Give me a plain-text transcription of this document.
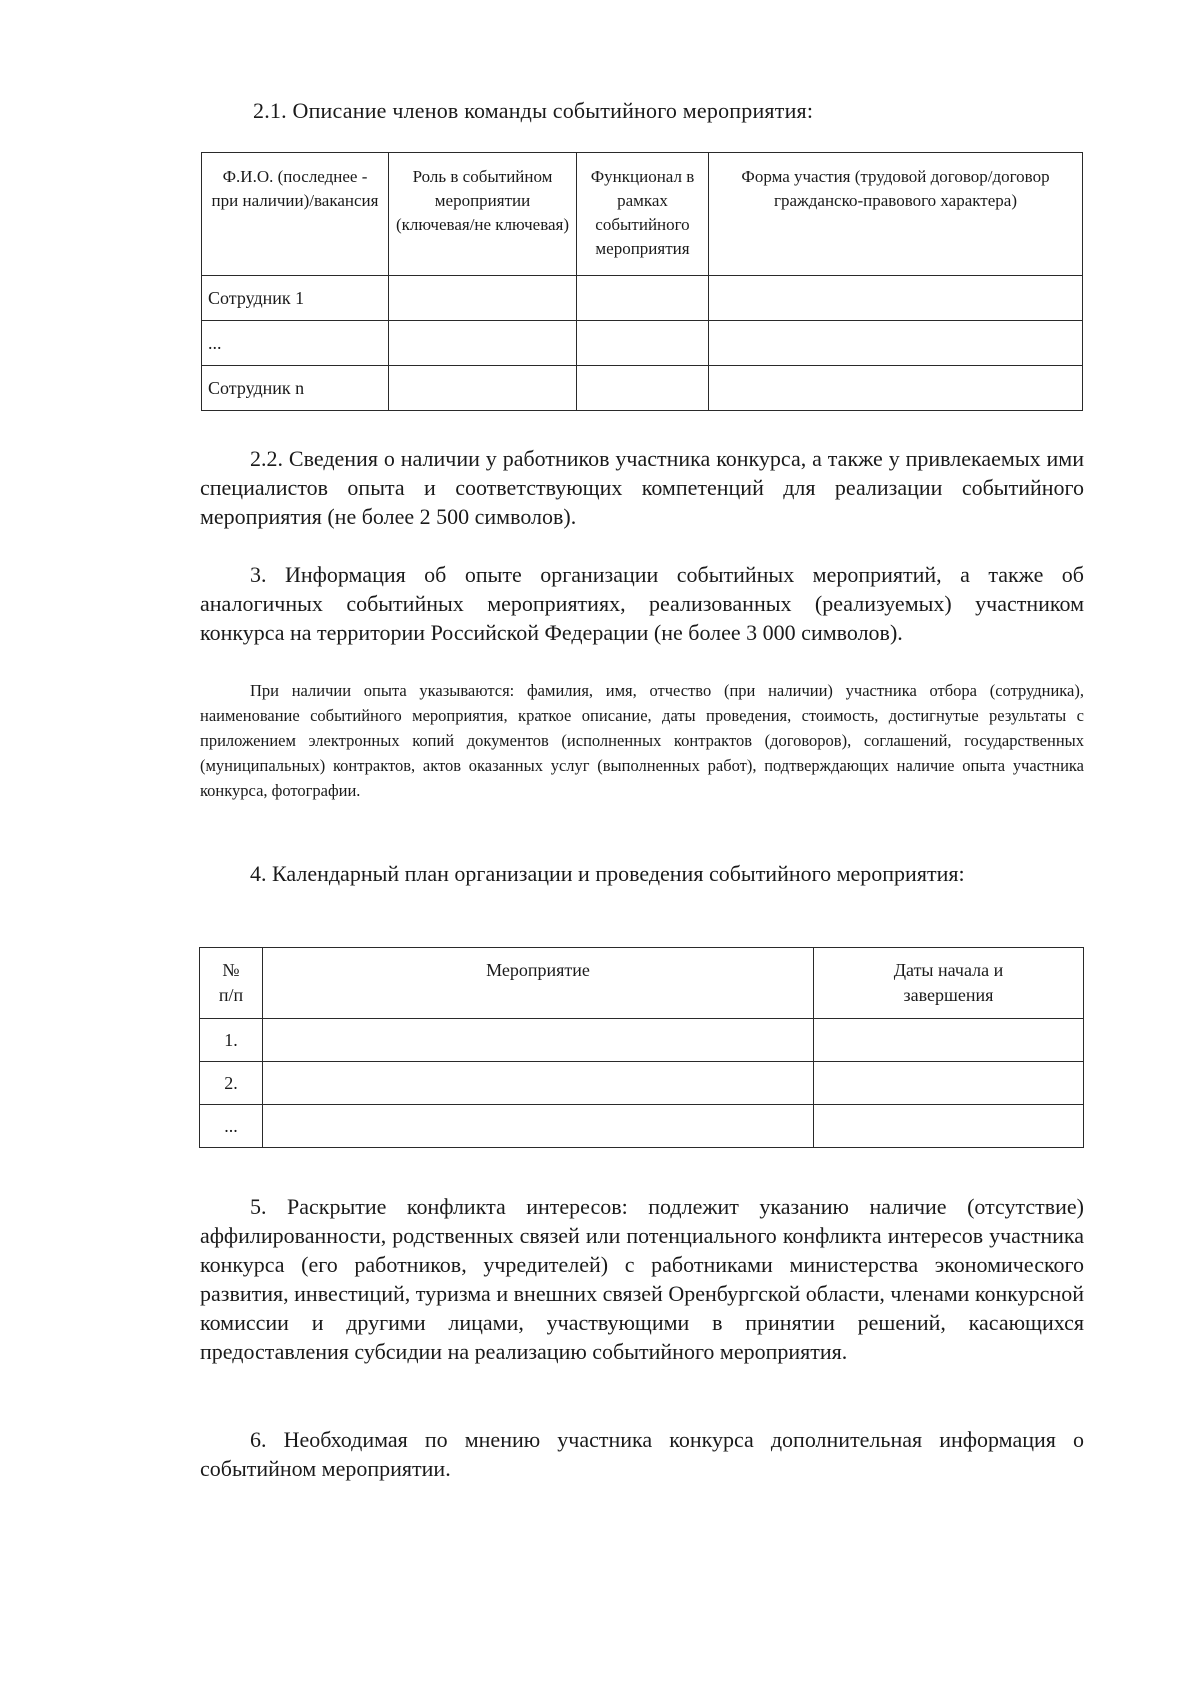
2.1. Описание членов команды событийного мероприятия:

Ф.И.О. (последнее - при наличии)/вакансия	Роль в событийном мероприятии (ключевая/не ключевая)	Функционал в рамках событийного мероприятия	Форма участия (трудовой договор/договор гражданско-правового характера)
Сотрудник 1			
...			
Сотрудник n			

2.2. Сведения о наличии у работников участника конкурса, а также у привлекаемых ими специалистов опыта и соответствующих компетенций для реализации событийного мероприятия (не более 2 500 символов).

3. Информация об опыте организации событийных мероприятий, а также об аналогичных событийных мероприятиях, реализованных (реализуемых) участником конкурса на территории Российской Федерации (не более 3 000 символов).

При наличии опыта указываются: фамилия, имя, отчество (при наличии) участника отбора (сотрудника), наименование событийного мероприятия, краткое описание, даты проведения, стоимость, достигнутые результаты с приложением электронных копий документов (исполненных контрактов (договоров), соглашений, государственных (муниципальных) контрактов, актов оказанных услуг (выполненных работ), подтверждающих наличие опыта участника конкурса, фотографии.

4. Календарный план организации и проведения событийного мероприятия:

№ п/п	Мероприятие	Даты начала и завершения
1.		
2.		
...		

5. Раскрытие конфликта интересов: подлежит указанию наличие (отсутствие) аффилированности, родственных связей или потенциального конфликта интересов участника конкурса (его работников, учредителей) с работниками министерства экономического развития, инвестиций, туризма и внешних связей Оренбургской области, членами конкурсной комиссии и другими лицами, участвующими в принятии решений, касающихся предоставления субсидии на реализацию событийного мероприятия.

6. Необходимая по мнению участника конкурса дополнительная информация о событийном мероприятии.
